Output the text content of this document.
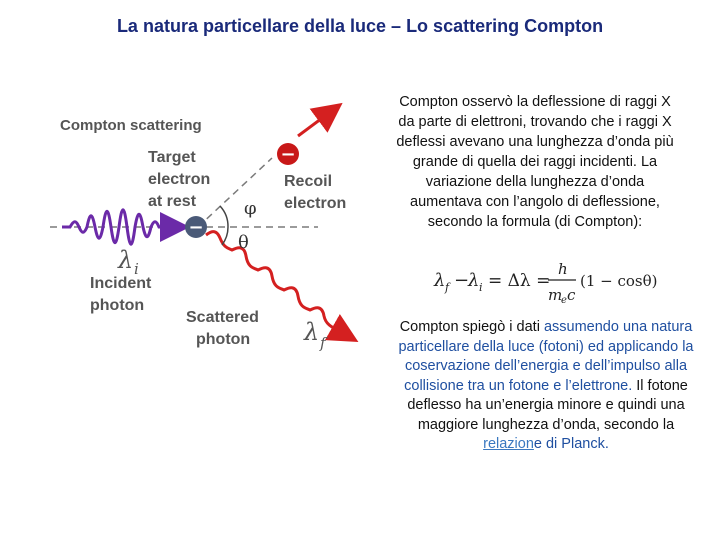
La natura particellare della luce – Lo scattering Compton
Compton scattering
φ
θ
−
−
Target
electron
at rest
Recoil
electron
Incident
photon
Scattered
photon
λ i
λ f
Compton osservò la deflessione di raggi X da parte di elettroni, trovando che i raggi X deflessi avevano una lunghezza d’onda più grande di quella dei raggi incidenti. La variazione della lunghezza d’onda aumentava con l’angolo di deflessione, secondo la formula (di Compton):
λ f −
λ i = Δλ =
h
m
e c
(1 − cosθ)
Compton spiegò i dati assumendo una natura particellare della luce (fotoni) ed applicando la coservazione dell’energia e dell’impulso alla collisione tra un fotone e l’elettrone. Il fotone deflesso ha un’energia minore e quindi una maggiore lunghezza d’onda, secondo la relazione di Planck.
